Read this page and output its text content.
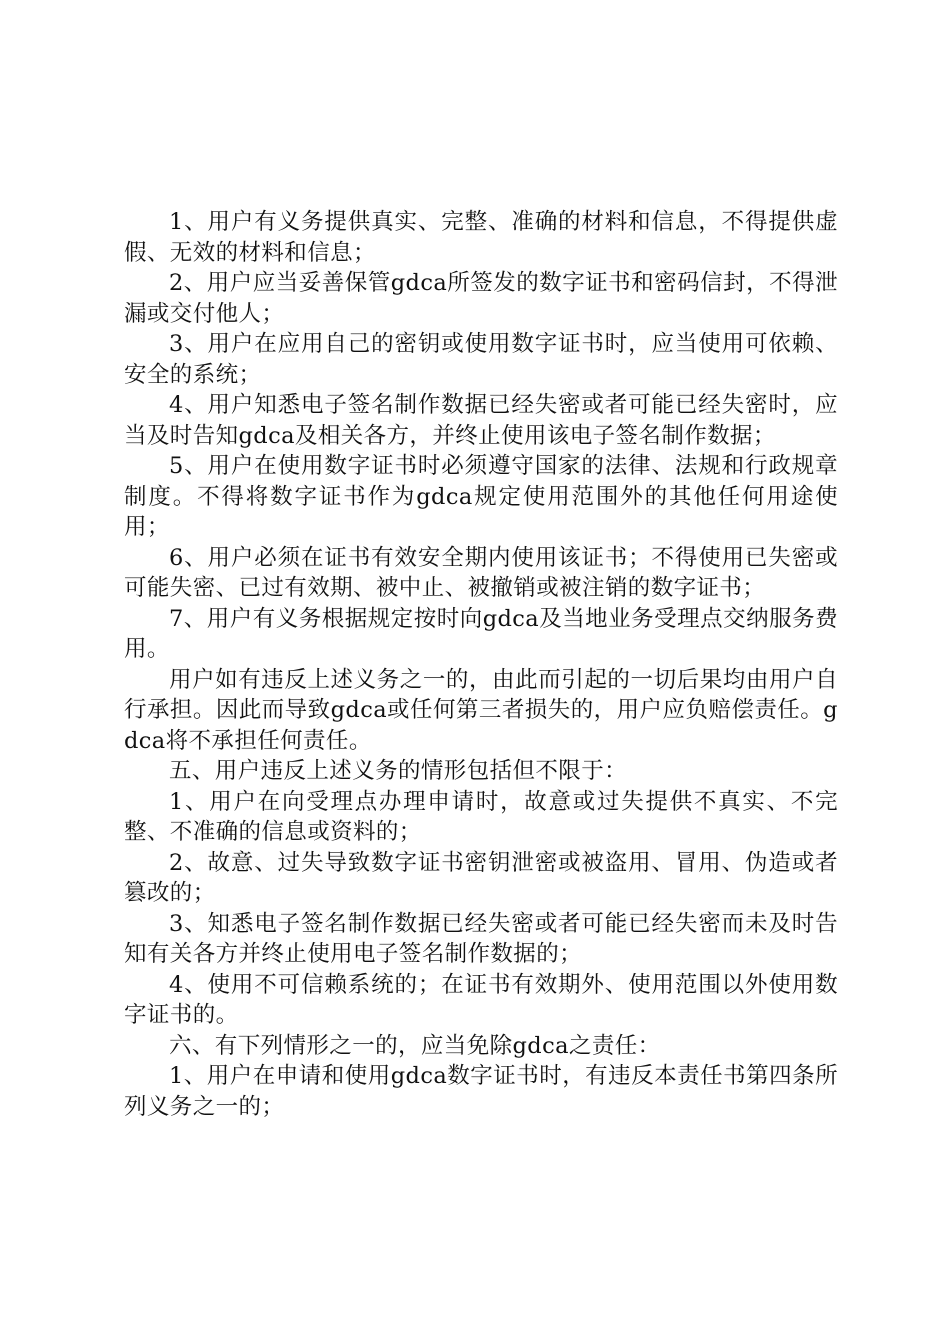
1、用户有义务提供真实、完整、准确的材料和信息，不得提供虚假、无效的材料和信息；

2、用户应当妥善保管gdca所签发的数字证书和密码信封，不得泄漏或交付他人；

3、用户在应用自己的密钥或使用数字证书时，应当使用可依赖、安全的系统；

4、用户知悉电子签名制作数据已经失密或者可能已经失密时，应当及时告知gdca及相关各方，并终止使用该电子签名制作数据；

5、用户在使用数字证书时必须遵守国家的法律、法规和行政规章制度。不得将数字证书作为gdca规定使用范围外的其他任何用途使用；

6、用户必须在证书有效安全期内使用该证书；不得使用已失密或可能失密、已过有效期、被中止、被撤销或被注销的数字证书；

7、用户有义务根据规定按时向gdca及当地业务受理点交纳服务费用。

用户如有违反上述义务之一的，由此而引起的一切后果均由用户自行承担。因此而导致gdca或任何第三者损失的，用户应负赔偿责任。gdca将不承担任何责任。

五、用户违反上述义务的情形包括但不限于：

1、用户在向受理点办理申请时，故意或过失提供不真实、不完整、不准确的信息或资料的；

2、故意、过失导致数字证书密钥泄密或被盗用、冒用、伪造或者篡改的；

3、知悉电子签名制作数据已经失密或者可能已经失密而未及时告知有关各方并终止使用电子签名制作数据的；

4、使用不可信赖系统的；在证书有效期外、使用范围以外使用数字证书的。

六、有下列情形之一的，应当免除gdca之责任：

1、用户在申请和使用gdca数字证书时，有违反本责任书第四条所列义务之一的；
